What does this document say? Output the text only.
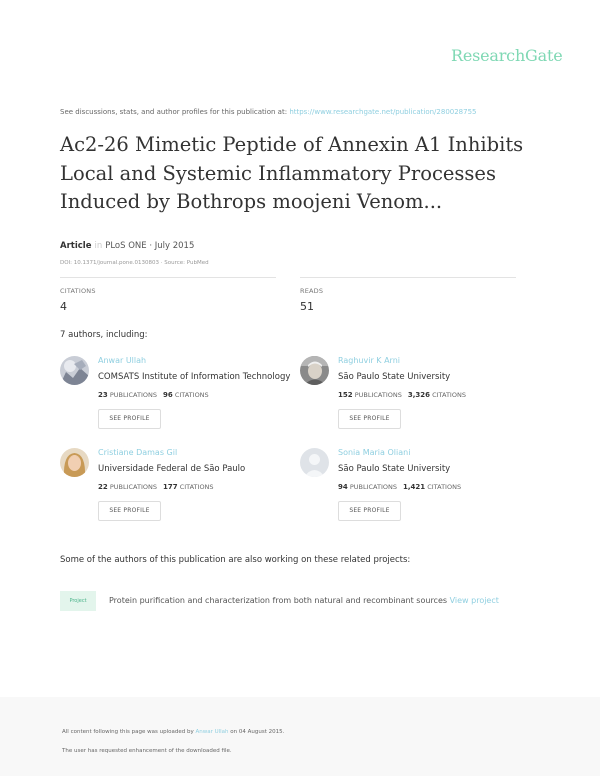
ResearchGate
See discussions, stats, and author profiles for this publication at: https://www.researchgate.net/publication/280028755
Ac2-26 Mimetic Peptide of Annexin A1 Inhibits Local and Systemic Inflammatory Processes Induced by Bothrops moojeni Venom...
Article in PLoS ONE · July 2015
DOI: 10.1371/journal.pone.0130803 · Source: PubMed
CITATIONS
4
READS
51
7 authors, including:
Anwar Ullah
COMSATS Institute of Information Technology
23 PUBLICATIONS 96 CITATIONS
SEE PROFILE
Raghuvir K Arni
São Paulo State University
152 PUBLICATIONS 3,326 CITATIONS
SEE PROFILE
Cristiane Damas Gil
Universidade Federal de São Paulo
22 PUBLICATIONS 177 CITATIONS
SEE PROFILE
Sonia Maria Oliani
São Paulo State University
94 PUBLICATIONS 1,421 CITATIONS
SEE PROFILE
Some of the authors of this publication are also working on these related projects:
Project	Protein purification and characterization from both natural and recombinant sources View project
All content following this page was uploaded by Anwar Ullah on 04 August 2015.
The user has requested enhancement of the downloaded file.
